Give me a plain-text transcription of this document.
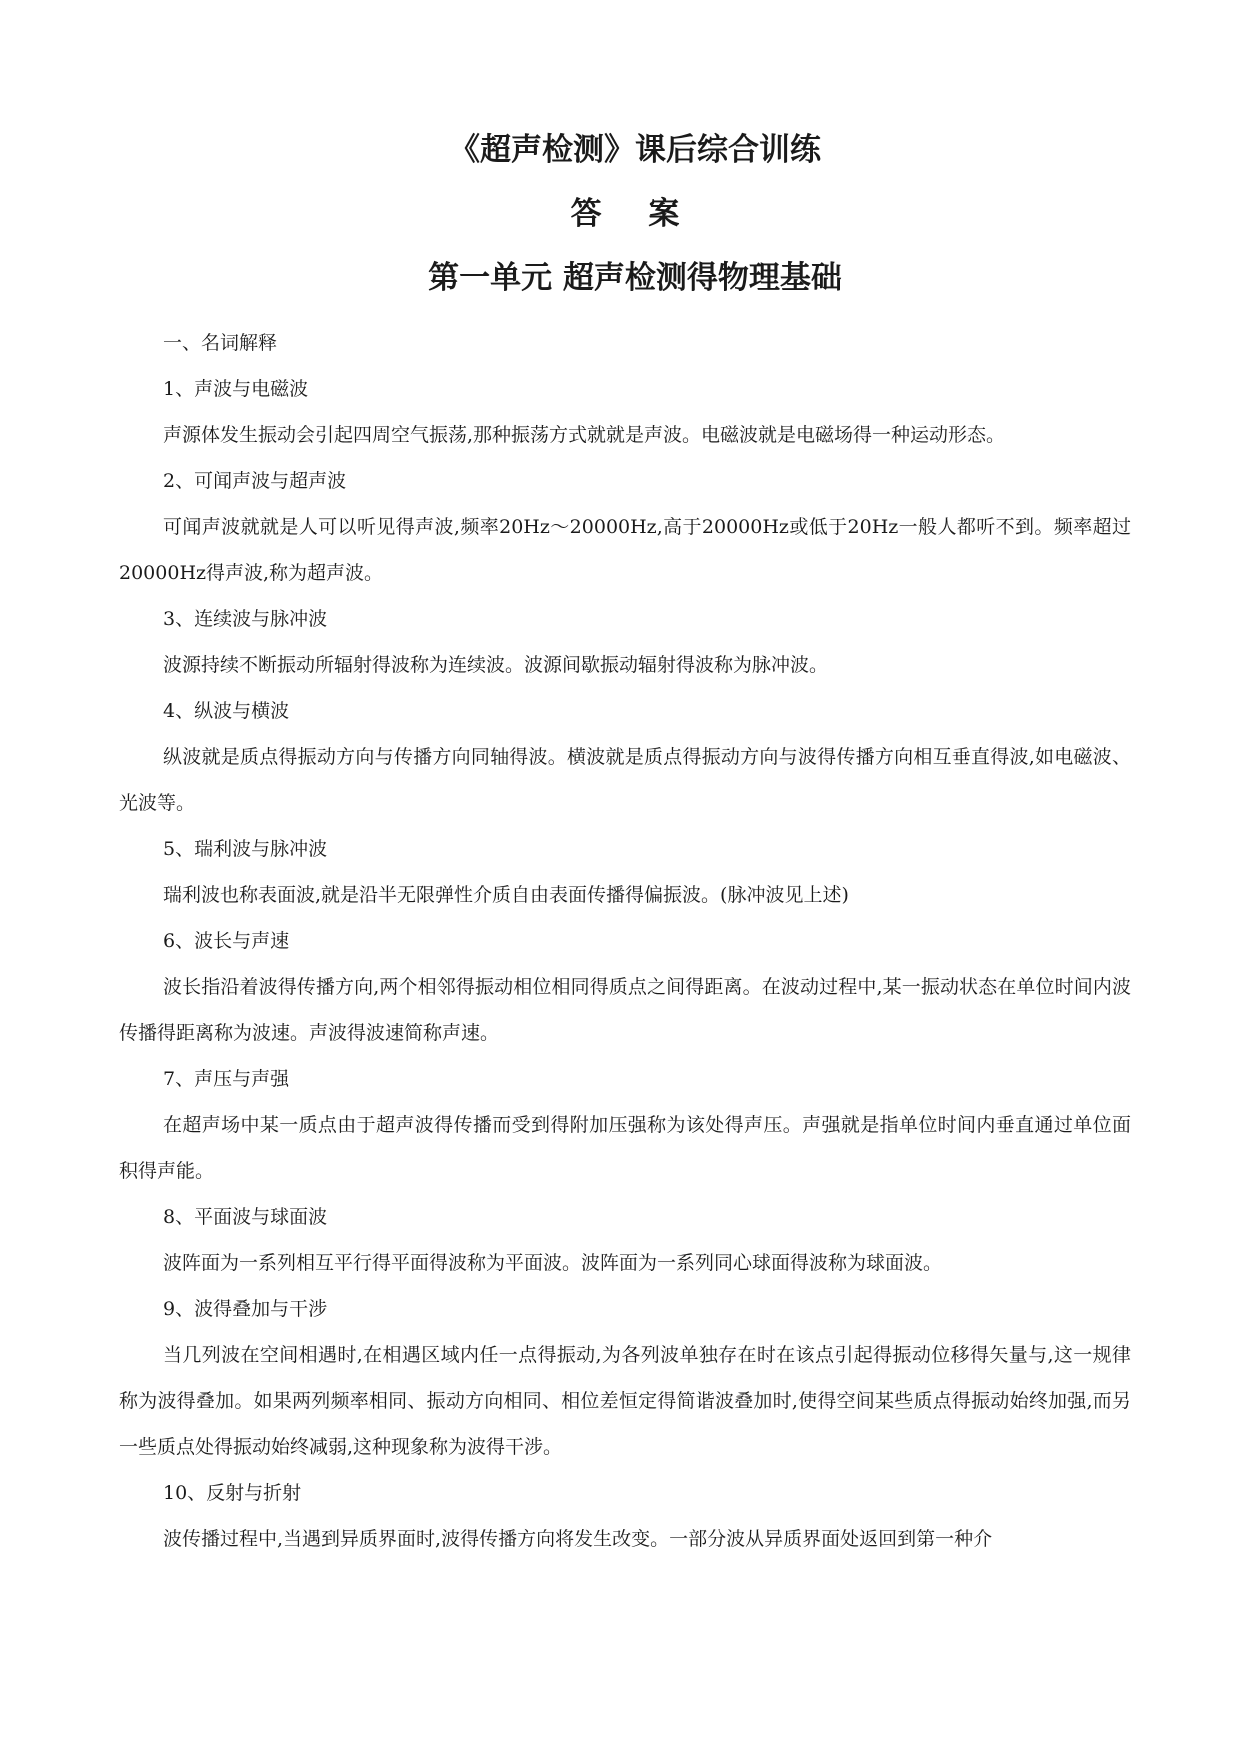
《超声检测》课后综合训练
答 案
第一单元 超声检测得物理基础

一、名词解释

1、声波与电磁波

声源体发生振动会引起四周空气振荡,那种振荡方式就就是声波。电磁波就是电磁场得一种运动形态。

2、可闻声波与超声波

可闻声波就就是人可以听见得声波,频率20Hz～20000Hz,高于20000Hz或低于20Hz一般人都听不到。频率超过20000Hz得声波,称为超声波。

3、连续波与脉冲波

波源持续不断振动所辐射得波称为连续波。波源间歇振动辐射得波称为脉冲波。

4、纵波与横波

纵波就是质点得振动方向与传播方向同轴得波。横波就是质点得振动方向与波得传播方向相互垂直得波,如电磁波、光波等。

5、瑞利波与脉冲波

瑞利波也称表面波,就是沿半无限弹性介质自由表面传播得偏振波。(脉冲波见上述)

6、波长与声速

波长指沿着波得传播方向,两个相邻得振动相位相同得质点之间得距离。在波动过程中,某一振动状态在单位时间内波传播得距离称为波速。声波得波速简称声速。

7、声压与声强

在超声场中某一质点由于超声波得传播而受到得附加压强称为该处得声压。声强就是指单位时间内垂直通过单位面积得声能。

8、平面波与球面波

波阵面为一系列相互平行得平面得波称为平面波。波阵面为一系列同心球面得波称为球面波。

9、波得叠加与干涉

当几列波在空间相遇时,在相遇区域内任一点得振动,为各列波单独存在时在该点引起得振动位移得矢量与,这一规律称为波得叠加。如果两列频率相同、振动方向相同、相位差恒定得简谐波叠加时,使得空间某些质点得振动始终加强,而另一些质点处得振动始终减弱,这种现象称为波得干涉。

10、反射与折射

波传播过程中,当遇到异质界面时,波得传播方向将发生改变。一部分波从异质界面处返回到第一种介
